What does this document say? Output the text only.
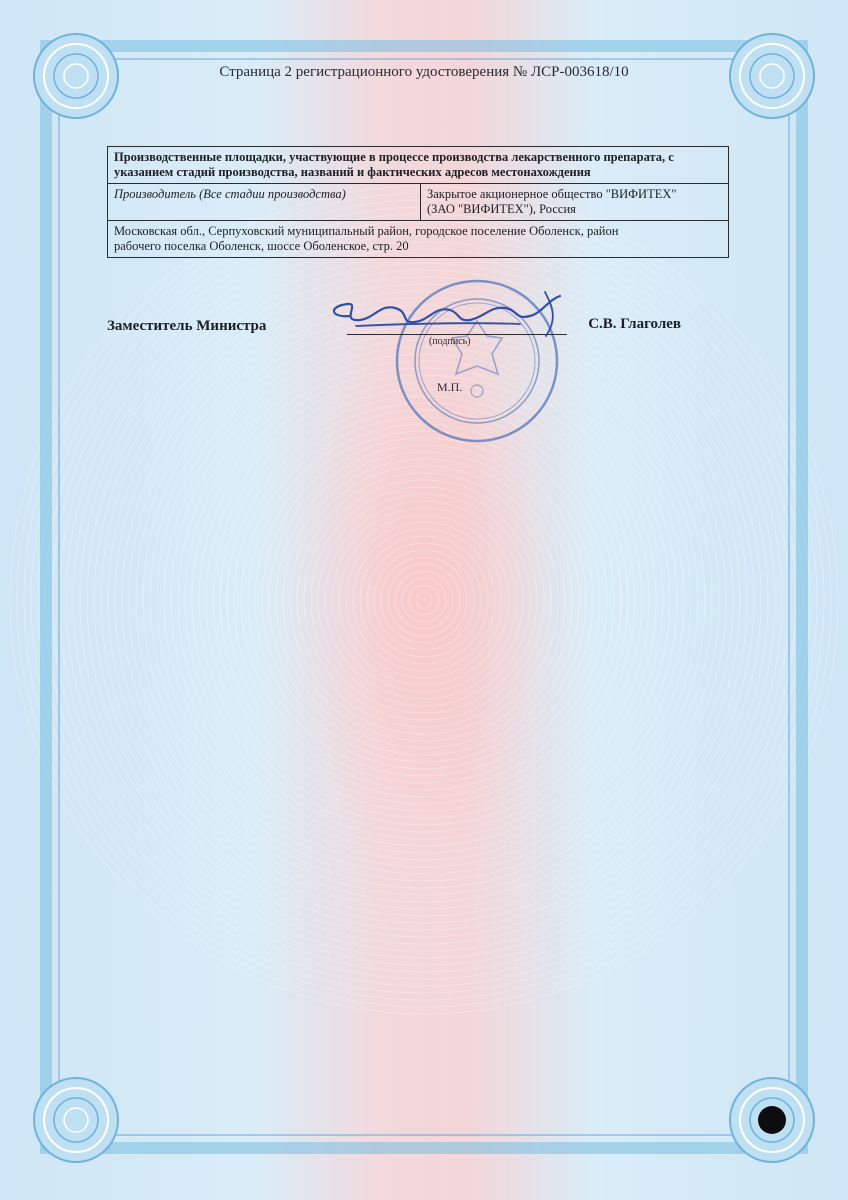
Страница 2 регистрационного удостоверения № ЛСР-003618/10
Производственные площадки, участвующие в процессе производства лекарственного препарата, с указанием стадий производства, названий и фактических адресов местонахождения
Производитель (Все стадии производства)	Закрытое акционерное общество "ВИФИТЕХ"
(ЗАО "ВИФИТЕХ"), Россия

Московская обл., Серпуховский муниципальный район, городское поселение Оболенск, район
рабочего поселка Оболенск, шоссе Оболенское, стр. 20
Заместитель Министра
(подпись)
С.В. Глаголев
М.П.
